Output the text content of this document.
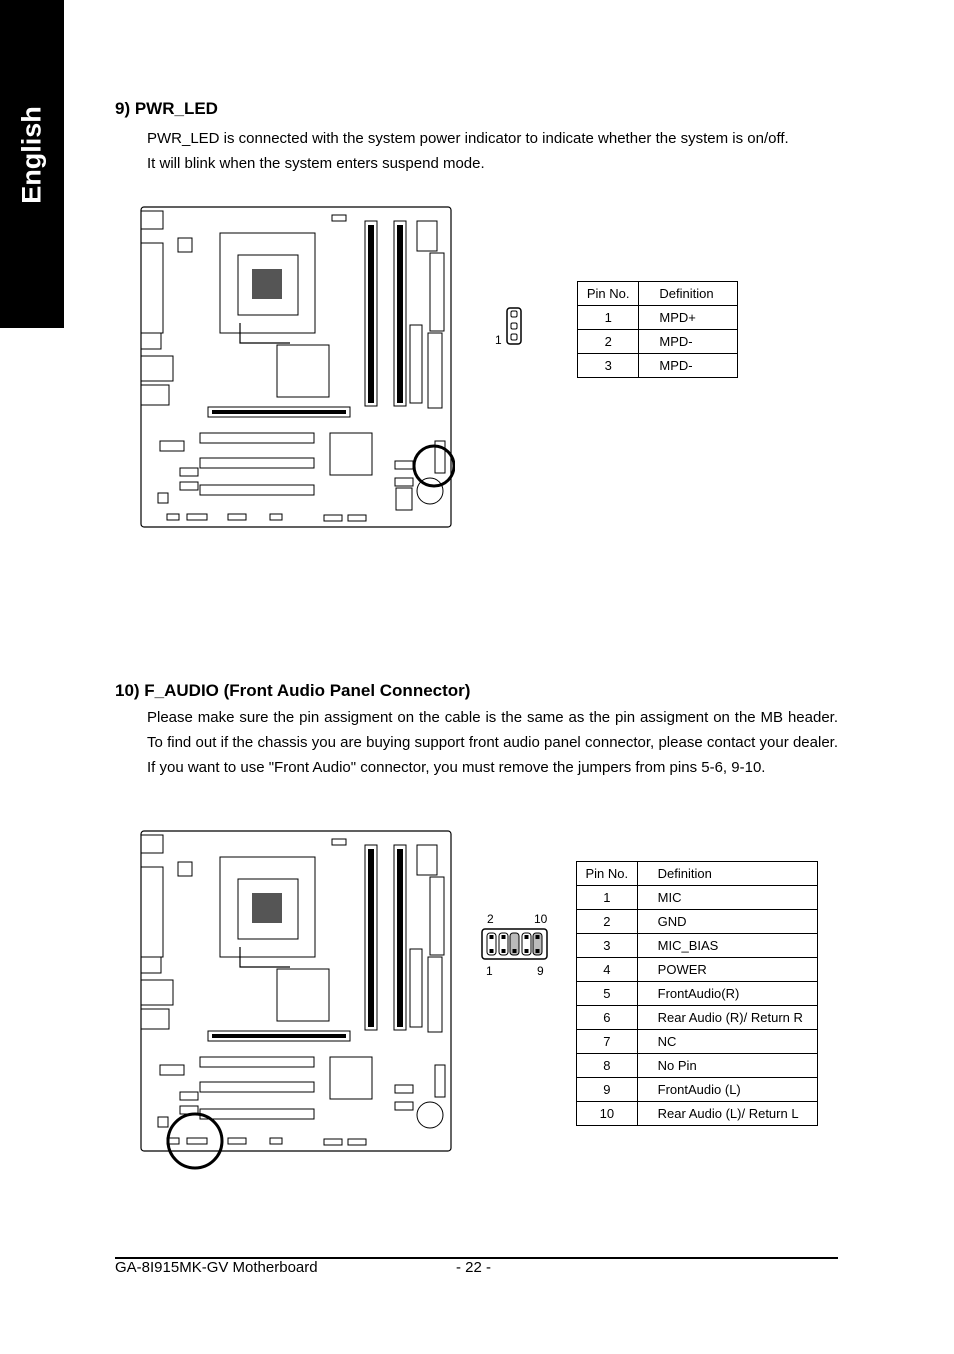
English	9) PWR_LED

PWR_LED is connected with the system power indicator to indicate whether the system is on/off.

It will blink when the system enters suspend mode.

1
Pin No.	Definition
1	MPD+
2	MPD-
3	MPD-
10) F_AUDIO (Front Audio Panel Connector)
Please make sure the pin assigment on the cable is the same as the pin assigment on the MB header. To find out if the chassis you are buying support front audio panel connector, please contact your dealer. If you want to use "Front Audio" connector, you must remove the jumpers from pins 5-6, 9-10.
2	10
1	9
Pin No.	Definition
1	MIC
2	GND
3	MIC_BIAS
4	POWER
5	FrontAudio(R)
6	Rear Audio (R)/ Return R
7	NC
8	No Pin
9	FrontAudio (L)
10	Rear Audio (L)/ Return L
GA-8I915MK-GV Motherboard	- 22 -
